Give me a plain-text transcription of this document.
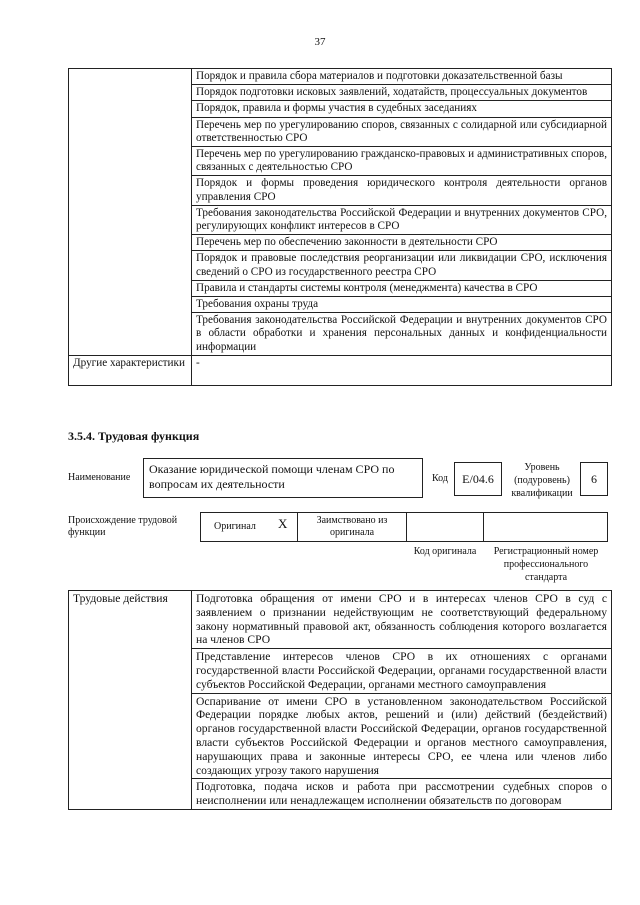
37
	Порядок и правила сбора материалов и подготовки доказательственной базы
	Порядок подготовки исковых заявлений, ходатайств, процессуальных документов
	Порядок, правила и формы участия в судебных заседаниях
	Перечень мер по урегулированию споров, связанных с солидарной или субсидиарной ответственностью СРО
	Перечень мер по урегулированию гражданско-правовых и административных споров, связанных с деятельностью СРО
	Порядок и формы проведения юридического контроля деятельности органов управления СРО
	Требования законодательства Российской Федерации и внутренних документов СРО, регулирующих конфликт интересов в СРО
	Перечень мер по обеспечению законности в деятельности СРО
	Порядок и правовые последствия реорганизации или ликвидации СРО, исключения сведений о СРО из государственного реестра СРО
	Правила и стандарты системы контроля (менеджмента) качества в СРО
	Требования охраны труда
	Требования законодательства Российской Федерации и внутренних документов СРО в области обработки и хранения персональных данных и конфиденциальности информации
Другие характеристики	-
3.5.4. Трудовая функция
Наименование
Оказание юридической помощи членам СРО по вопросам их деятельности	Код	E/04.6
Уровень (подуровень) квалификации
6
Происхождение трудовой функции
Оригинал X	Заимствовано из оригинала
Код оригинала	Регистрационный номер профессионального стандарта
Трудовые действия	Подготовка обращения от имени СРО и в интересах членов СРО в суд с заявлением о признании недействующим не соответствующий федеральному закону нормативный правовой акт, обязанность соблюдения которого возлагается на членов СРО
Представление интересов членов СРО в их отношениях с органами государственной власти Российской Федерации, органами государственной власти субъектов Российской Федерации, органами местного самоуправления
Оспаривание от имени СРО в установленном законодательством Российской Федерации порядке любых актов, решений и (или) действий (бездействий) органов государственной власти Российской Федерации, органов государственной власти субъектов Российской Федерации и органов местного самоуправления, нарушающих права и законные интересы СРО, ее члена или членов либо создающих угрозу такого нарушения
Подготовка, подача исков и работа при рассмотрении судебных споров о неисполнении или ненадлежащем исполнении обязательств по договорам
